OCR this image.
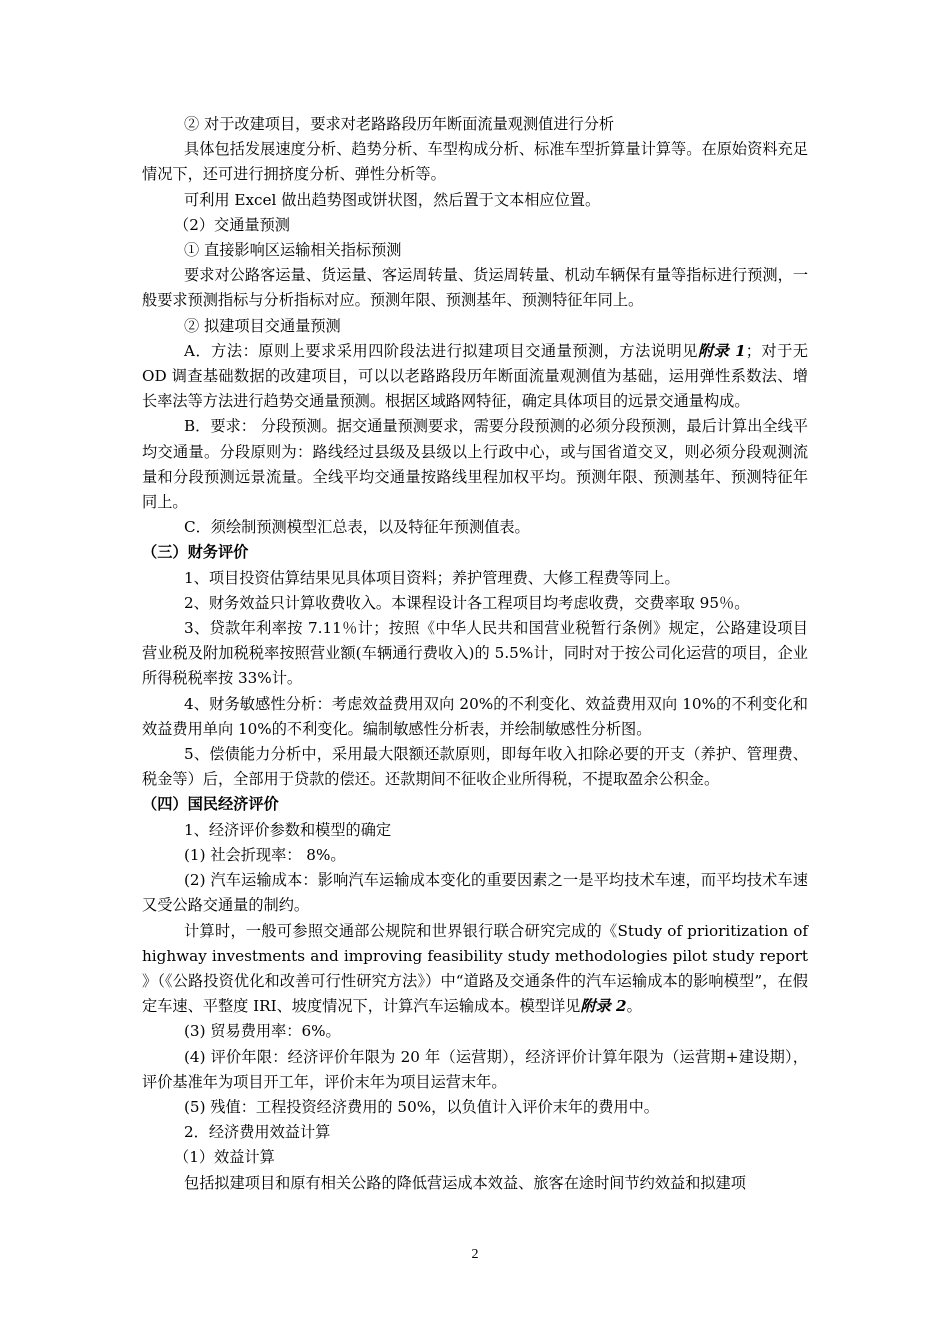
② 对于改建项目，要求对老路路段历年断面流量观测值进行分析

具体包括发展速度分析、趋势分析、车型构成分析、标准车型折算量计算等。在原始资料充足情况下，还可进行拥挤度分析、弹性分析等。

可利用 Excel 做出趋势图或饼状图，然后置于文本相应位置。

（2）交通量预测

① 直接影响区运输相关指标预测

要求对公路客运量、货运量、客运周转量、货运周转量、机动车辆保有量等指标进行预测，一般要求预测指标与分析指标对应。预测年限、预测基年、预测特征年同上。

② 拟建项目交通量预测

A．方法：原则上要求采用四阶段法进行拟建项目交通量预测，方法说明见附录 1；对于无 OD 调查基础数据的改建项目，可以以老路路段历年断面流量观测值为基础，运用弹性系数法、增长率法等方法进行趋势交通量预测。根据区域路网特征，确定具体项目的远景交通量构成。

B．要求： 分段预测。据交通量预测要求，需要分段预测的必须分段预测，最后计算出全线平均交通量。分段原则为：路线经过县级及县级以上行政中心，或与国省道交叉，则必须分段观测流量和分段预测远景流量。全线平均交通量按路线里程加权平均。预测年限、预测基年、预测特征年同上。

C．须绘制预测模型汇总表，以及特征年预测值表。

（三）财务评价

1、项目投资估算结果见具体项目资料；养护管理费、大修工程费等同上。

2、财务效益只计算收费收入。本课程设计各工程项目均考虑收费，交费率取 95％。

3、贷款年利率按 7.11％计；按照《中华人民共和国营业税暂行条例》规定，公路建设项目营业税及附加税税率按照营业额(车辆通行费收入)的 5.5%计，同时对于按公司化运营的项目，企业所得税税率按 33%计。

4、财务敏感性分析：考虑效益费用双向 20%的不利变化、效益费用双向 10%的不利变化和效益费用单向 10%的不利变化。编制敏感性分析表，并绘制敏感性分析图。

5、偿债能力分析中，采用最大限额还款原则，即每年收入扣除必要的开支（养护、管理费、税金等）后，全部用于贷款的偿还。还款期间不征收企业所得税，不提取盈余公积金。

（四）国民经济评价

1、经济评价参数和模型的确定

(1) 社会折现率： 8%。

(2) 汽车运输成本：影响汽车运输成本变化的重要因素之一是平均技术车速，而平均技术车速又受公路交通量的制约。

计算时，一般可参照交通部公规院和世界银行联合研究完成的《Study of prioritization of highway investments and improving feasibility study methodologies pilot study report 》（《公路投资优化和改善可行性研究方法》）中“道路及交通条件的汽车运输成本的影响模型”，在假定车速、平整度 IRI、坡度情况下，计算汽车运输成本。模型详见附录 2。

(3) 贸易费用率：6%。

(4) 评价年限：经济评价年限为 20 年（运营期），经济评价计算年限为（运营期+建设期），评价基准年为项目开工年，评价末年为项目运营末年。

(5) 残值：工程投资经济费用的 50%，以负值计入评价末年的费用中。

2．经济费用效益计算

（1）效益计算

包括拟建项目和原有相关公路的降低营运成本效益、旅客在途时间节约效益和拟建项

2
